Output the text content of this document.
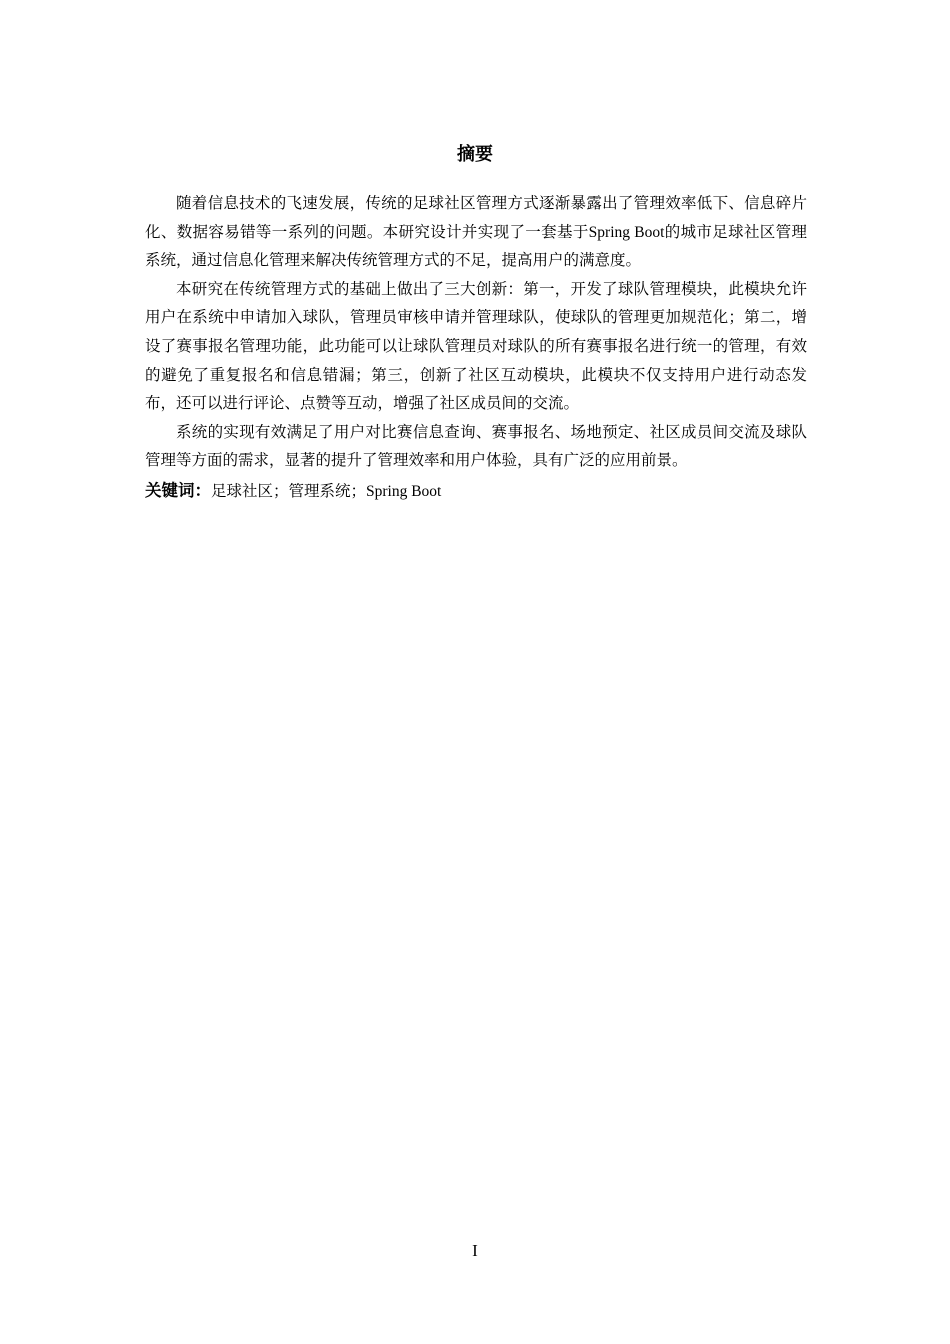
摘要

随着信息技术的飞速发展，传统的足球社区管理方式逐渐暴露出了管理效率低下、信息碎片化、数据容易错等一系列的问题。本研究设计并实现了一套基于Spring Boot的城市足球社区管理系统，通过信息化管理来解决传统管理方式的不足，提高用户的满意度。

本研究在传统管理方式的基础上做出了三大创新：第一，开发了球队管理模块，此模块允许用户在系统中申请加入球队，管理员审核申请并管理球队，使球队的管理更加规范化；第二，增设了赛事报名管理功能，此功能可以让球队管理员对球队的所有赛事报名进行统一的管理，有效的避免了重复报名和信息错漏；第三，创新了社区互动模块，此模块不仅支持用户进行动态发布，还可以进行评论、点赞等互动，增强了社区成员间的交流。

系统的实现有效满足了用户对比赛信息查询、赛事报名、场地预定、社区成员间交流及球队管理等方面的需求，显著的提升了管理效率和用户体验，具有广泛的应用前景。

关键词：足球社区；管理系统；Spring Boot

I
